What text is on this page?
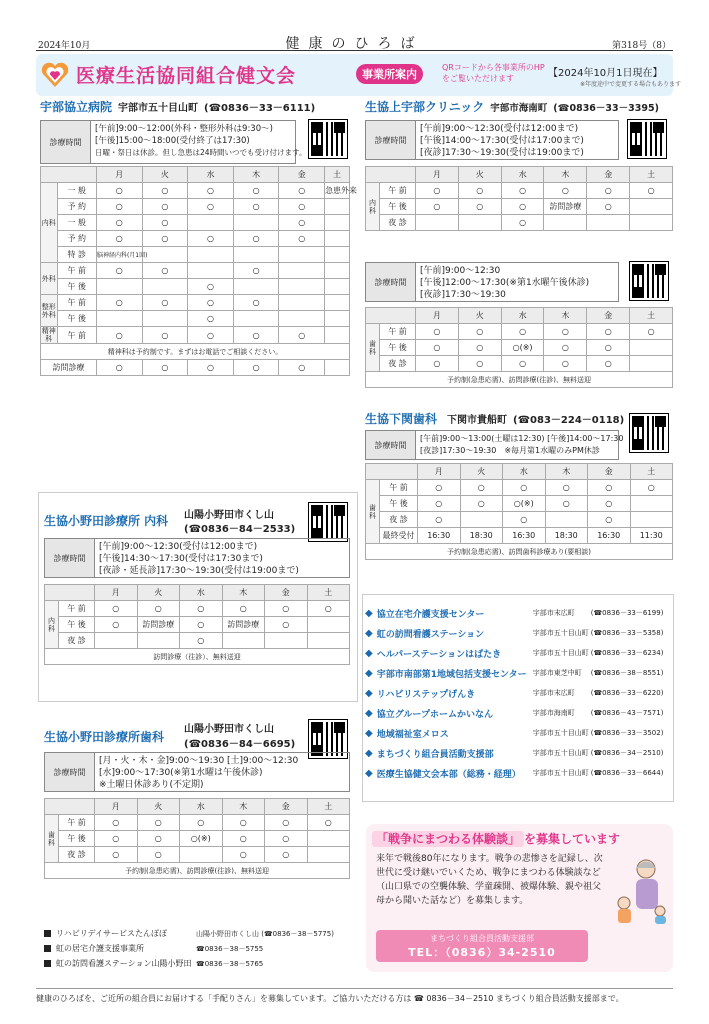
2024年10月	健康のひろば	第318号（8）
医療生活協同組合健文会	事業所案内
QRコードから各事業所のHPをご覧いただけます	【2024年10月1日現在】
※年度途中で変更する場合もあります
宇部協立病院 宇部市五十目山町 (☎0836－33－6111)
診療時間
[午前]9:00～12:00(外科・整形外科は9:30～)
[午後]15:00～18:00(受付終了は17:30)
日曜・祭日は休診。但し急患は24時間いつでも受け付けます。
		月	火	水	木	金	土
内科	一 般	○	○	○	○	○	急患外来
	予 約	○	○	○	○	○	
	一 般	○	○			○	
	予 約	○	○	○	○	○	
	特 診	脳神経内科(月1回)					
外科	午 前	○	○		○		
	午 後			○			
整形外科	午 前	○	○	○	○		
	午 後			○			
精神科	午 前	○	○	○	○	○	
精神科は予約制です。まずはお電話でご相談ください。							
訪問診療		○	○	○	○	○	
生協小野田診療所 内科 山陽小野田市くし山
(☎0836－84－2533)
診療時間
[午前]9:00～12:30(受付は12:00まで)
[午後]14:30～17:30(受付は17:30まで)
[夜診・延長診]17:30～19:30(受付は19:00まで)
		月	火	水	木	金	土
内科	午 前	○	○	○	○	○	○
	午 後	○	訪問診療	○	訪問診療	○	
	夜 診			○			
訪問診療（往診）、無料送迎							
生協小野田診療所歯科
山陽小野田市くし山
(☎0836－84－6695)
診療時間
[月・火・木・金]9:00～19:30 [土]9:00～12:30
[水]9:00～17:30(※第1水曜は午後休診)
※土曜日休診あり(不定期)
		月	火	水	木	金	土
歯科	午 前	○	○	○	○	○	○
	午 後	○	○	○(※)	○	○	
	夜 診	○	○		○	○	
予約制(急患応需)、訪問診療(往診)、無料送迎							
リハビリデイサービスたんぽぽ	山陽小野田市くし山 (☎0836－38－5775)
虹の居宅介護支援事業所	☎0836－38－5755
虹の訪問看護ステーション山陽小野田 ☎0836－38－5765
生協上宇部クリニック 宇部市海南町 (☎0836－33－3395)
診療時間
[午前]9:00～12:30(受付は12:00まで)
[午後]14:00～17:30(受付は17:00まで)
[夜診]17:30～19:30(受付は19:00まで)
		月	火	水	木	金	土
内科	午 前	○	○	○	○	○	○
	午 後	○	○	○	訪問診療	○	
	夜 診			○			
診療時間
[午前]9:00～12:30
[午後]12:00～17:30(※第1水曜午後休診)
[夜診]17:30～19:30
		月	火	水	木	金	土
歯科	午 前	○	○	○	○	○	○
	午 後	○	○	○(※)	○	○	
	夜 診	○	○	○	○	○	
予約制(急患応需)、訪問診療(往診)、無料送迎							
生協下関歯科 下関市貴船町 (☎083－224－0118)
診療時間
[午前]9:00～13:00(土曜は12:30) [午後]14:00～17:30
[夜診]17:30～19:30　※毎月第1水曜のみPM休診
		月	火	水	木	金	土
歯科	午 前	○	○	○	○	○	○
	午 後	○	○	○(※)	○	○	
	夜 診	○		○		○	
	最終受付	16:30	18:30	16:30	18:30	16:30	11:30
予約制(急患応需)、訪問歯科診療あり(要相談)							
◆ 協立在宅介護支援センター	宇部市末広町	(☎0836－33－6199)
◆ 虹の訪問看護ステーション	宇部市五十目山町 (☎0836－33－5358)
◆ ヘルパーステーションはばたき	宇部市五十目山町 (☎0836－33－6234)
◆ 宇部市南部第1地域包括支援センター 宇部市東芝中町	(☎0836－38－8551)
◆ リハビリステップげんき	宇部市末広町	(☎0836－33－6220)
◆ 協立グループホームかいなん	宇部市海南町	(☎0836－43－7571)
◆ 地域福祉室メロス	宇部市五十目山町 (☎0836－33－3502)
◆ まちづくり組合員活動支援部	宇部市五十目山町 (☎0836－34－2510)
◆ 医療生協健文会本部（総務・経理）	宇部市五十目山町 (☎0836－33－6644)
「戦争にまつわる体験談」 を募集しています
来年で戦後80年になります。戦争の悲惨さを記録し、次世代に受け継いでいくため、戦争にまつわる体験談など（山口県での空襲体験、学童疎開、被爆体験、親や祖父母から聞いた話など）を募集します。
まちづくり組合員活動支援部
TEL：（0836）34-2510
健康のひろばを、ご近所の組合員にお届けする「手配りさん」を募集しています。ご協力いただける方は ☎ 0836－34－2510 まちづくり組合員活動支援部まで。
